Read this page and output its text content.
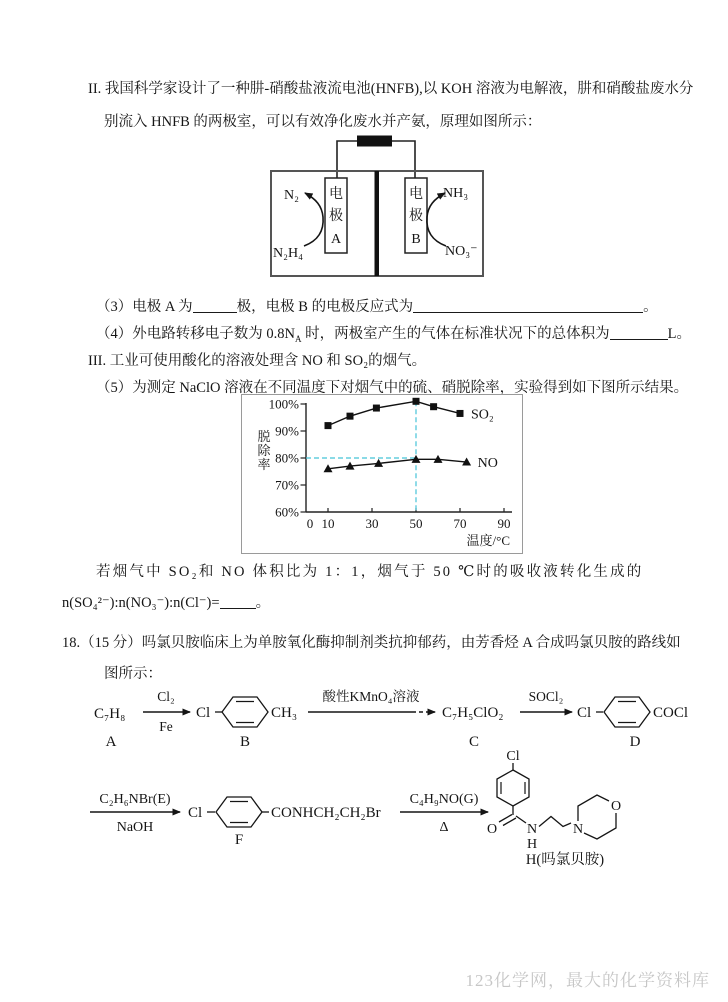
II. 我国科学家设计了一种肼-硝酸盐液流电池(HNFB),以 KOH 溶液为电解液，肼和硝酸盐废水分
别流入 HNFB 的两极室，可以有效净化废水并产氨，原理如图所示：
电
极
A
电
极
B
N₂
N₂H₄
NH₃
NO₃⁻
（3）电极 A 为	极，电极 B 的电极反应式为	。
（4）外电路转移电子数为 $0.8N_A$ 时，两极室产生的气体在标准状况下的总体积为	L。
III. 工业可使用酸化的溶液处理含 NO 和 SO₂的烟气。
（5）为测定 NaClO 溶液在不同温度下对烟气中的硫、硝脱除率，实验得到如下图所示结果。
60%
70%
80%
90%
100%
0 10 30 50 70 90
温度/°C
脱
除
率
SO₂
NO
若烟气中 SO₂和 NO 体积比为 1：1，烟气于 50 ℃时的吸收液转化生成的
n(SO₄²⁻):n(NO₃⁻):n(Cl⁻)= 。
18.（15 分）吗氯贝胺临床上为单胺氧化酶抑制剂类抗抑郁药，由芳香烃 A 合成吗氯贝胺的路线如
图所示：
C₇H₈
A
Cl₂
Fe
Cl	CH₃
B
酸性KMnO₄溶液
C₇H₅ClO₂
C
SOCl₂
Cl	COCl
D
C₂H₆NBr(E)
NaOH
Cl	CONHCH₂CH₂Br
F
C₄H₉NO(G)
Δ
Cl
O N
H
N
O
H(吗氯贝胺)
123化学网，最大的化学资料库
